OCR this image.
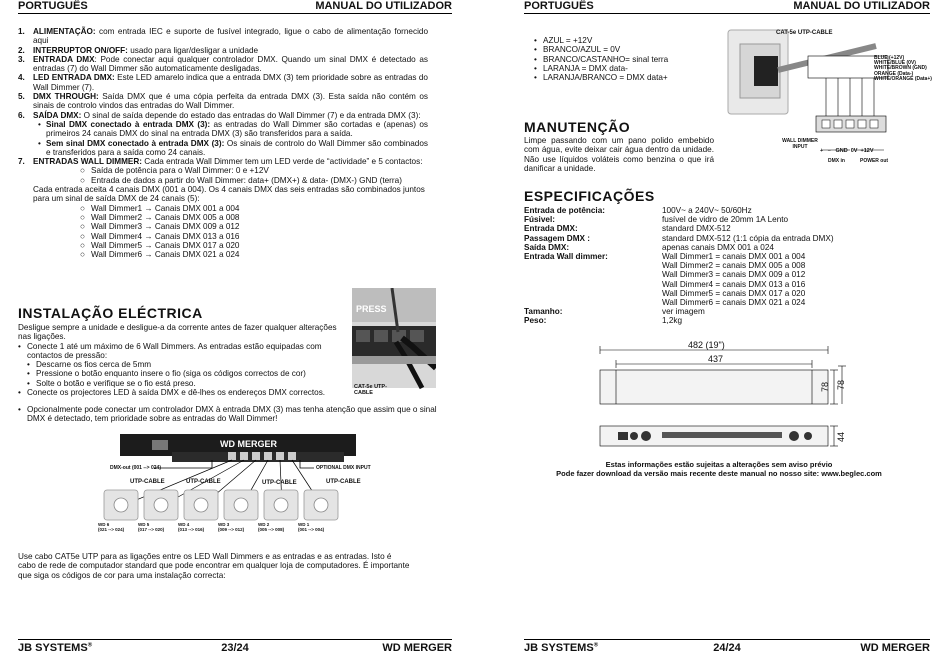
PORTUGUÊS	MANUAL DO UTILIZADOR
1. ALIMENTAÇÃO: com entrada IEC e suporte de fusível integrado, ligue o cabo de alimentação fornecido aqui
2. INTERRUPTOR ON/OFF: usado para ligar/desligar a unidade
3. ENTRADA DMX: Pode conectar aqui qualquer controlador DMX. Quando um sinal DMX é detectado as entradas (7) do Wall Dimmer são automaticamente desligadas.
4. LED ENTRADA DMX: Este LED amarelo indica que a entrada DMX (3) tem prioridade sobre as entradas do Wall Dimmer (7).
5. DMX THROUGH: Saída DMX que é uma cópia perfeita da entrada DMX (3). Esta saída não contém os sinais de controlo vindos das entradas do Wall Dimmer.
6. SAÍDA DMX: O sinal de saída depende do estado das entradas do Wall Dimmer (7) e da entrada DMX (3):
• Sinal DMX conectado à entrada DMX (3): as entradas do Wall Dimmer são cortadas e (apenas) os primeiros 24 canais DMX do sinal na entrada DMX (3) são transferidos para a saída.
• Sem sinal DMX conectado à entrada DMX (3): Os sinais de controlo do Wall Dimmer são combinados e transferidos para a saída como 24 canais.
7. ENTRADAS WALL DIMMER: Cada entrada Wall Dimmer tem um LED verde de “actividade” e 5 contactos:
○ Saída de potência para o Wall Dimmer: 0 e +12V
○ Entrada de dados a partir do Wall Dimmer: data+ (DMX+) & data- (DMX-) GND (terra)
Cada entrada aceita 4 canais DMX (001 a 004). Os 4 canais DMX das seis entradas são combinados juntos para um sinal de saída DMX de 24 canais (5):
○ Wall Dimmer1 → Canais DMX 001 a 004
○ Wall Dimmer2 → Canais DMX 005 a 008
○ Wall Dimmer3 → Canais DMX 009 a 012
○ Wall Dimmer4 → Canais DMX 013 a 016
○ Wall Dimmer5 → Canais DMX 017 a 020
○ Wall Dimmer6 → Canais DMX 021 a 024
INSTALAÇÃO ELÉCTRICA
Desligue sempre a unidade e desligue-a da corrente antes de fazer qualquer alterações nas ligações.
• Conecte 1 até um máximo de 6 Wall Dimmers. As entradas estão equipadas com contactos de pressão:
• Descarne os fios cerca de 5mm
• Pressione o botão enquanto insere o fio (siga os códigos correctos de cor)
• Solte o botão e verifique se o fio está preso.
• Conecte os projectores LED à saída DMX e dê-lhes os endereços DMX correctos.
• Opcionalmente pode conectar um controlador DMX à entrada DMX (3) mas tenha atenção que assim que o sinal DMX é detectado, tem prioridade sobre as entradas do Wall Dimmer!
PRESS
CAT-5e UTP-CABLE
WD MERGER
DMX-out (001 --> 024)	OPTIONAL DMX INPUT
UTP-CABLE	UTP-CABLE	UTP-CABLE	UTP-CABLE
WD 6
(021 --> 024)
WD 5
(017 --> 020)
WD 4
(013 --> 016)
WD 3
(009 --> 012)
WD 2
(005 --> 008)
WD 1
(001 --> 004)
Use cabo CAT5e UTP para as ligações entre os LED Wall Dimmers e as entradas e as entradas. Isto é cabo de rede de computador standard que pode encontrar em qualquer loja de computadores. É importante que siga os códigos de cor para uma instalação correcta:
JB SYSTEMS®	23/24	WD MERGER
PORTUGUÊS	MANUAL DO UTILIZADOR
• AZUL = +12V
• BRANCO/AZUL = 0V
• BRANCO/CASTANHO= sinal terra
• LARANJA = DMX data-
• LARANJA/BRANCO = DMX data+
CAT-5e UTP-CABLE
BLUE (+12V)
WHITE/BLUE (0V)
WHITE/BROWN (GND)
ORANGE (Data-)
WHITE/ORANGE (Data+)
WALL DIMMER INPUT
+   –   GND  0V  +12V
DMX in	POWER out
MANUTENÇÃO
Limpe passando com um pano polido embebido com água, evite deixar cair água dentro da unidade. Não use líquidos voláteis como benzina o que irá danificar a unidade.
ESPECIFICAÇÕES
Entrada de potência:	100V~ a 240V~ 50/60Hz
Fúsivel:	fusível de vidro de 20mm 1A Lento
Entrada DMX:	standard DMX-512
Passagem DMX :	standard DMX-512 (1:1 cópia da entrada DMX)
Saída DMX:	apenas canais DMX 001 a 024
Entrada Wall dimmer:	Wall Dimmer1 = canais DMX 001 a 004
Wall Dimmer2 = canais DMX 005 a 008
Wall Dimmer3 = canais DMX 009 a 012
Wall Dimmer4 = canais DMX 013 a 016
Wall Dimmer5 = canais DMX 017 a 020
Wall Dimmer6 = canais DMX 021 a 024
Tamanho:	ver imagem
Peso:	1,2kg
482 (19")
437
78 78
44
Estas informações estão sujeitas a alterações sem aviso prévio
Pode fazer download da versão mais recente deste manual no nosso site: www.beglec.com
JB SYSTEMS®	24/24	WD MERGER
